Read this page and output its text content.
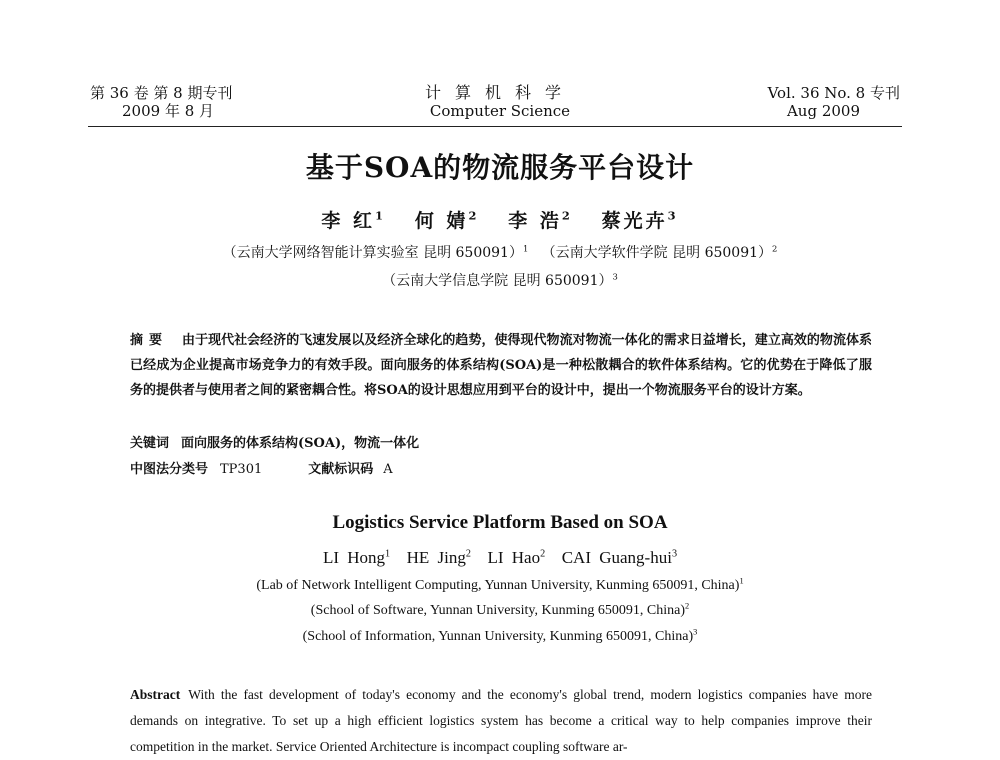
第 36 卷 第 8 期专刊
2009 年 8 月
计算机科学
Computer Science
Vol. 36 No. 8 专刊
Aug 2009
基于SOA的物流服务平台设计
李 红$^1$ 何 婧$^2$ 李 浩$^2$ 蔡光卉$^3$
（云南大学网络智能计算实验室 昆明 650091）$^1$ （云南大学软件学院 昆明 650091）$^2$
（云南大学信息学院 昆明 650091）$^3$
摘要 由于现代社会经济的飞速发展以及经济全球化的趋势，使得现代物流对物流一体化的需求日益增长，建立高效的物流体系已经成为企业提高市场竞争力的有效手段。面向服务的体系结构(SOA)是一种松散耦合的软件体系结构。它的优势在于降低了服务的提供者与使用者之间的紧密耦合性。将SOA的设计思想应用到平台的设计中，提出一个物流服务平台的设计方案。
关键词 面向服务的体系结构(SOA)，物流一体化
中图法分类号 TP301	文献标识码 A
Logistics Service Platform Based on SOA
LI Hong$^1$ HE Jing$^2$ LI Hao$^2$ CAI Guang-hui$^3$
(Lab of Network Intelligent Computing, Yunnan University, Kunming 650091, China)$^1$
(School of Software, Yunnan University, Kunming 650091, China)$^2$
(School of Information, Yunnan University, Kunming 650091, China)$^3$
Abstract With the fast development of today's economy and the economy's global trend, modern logistics companies have more demands on integrative. To set up a high efficient logistics system has become a critical way to help companies improve their competition in the market. Service Oriented Architecture is incompact coupling software ar-
